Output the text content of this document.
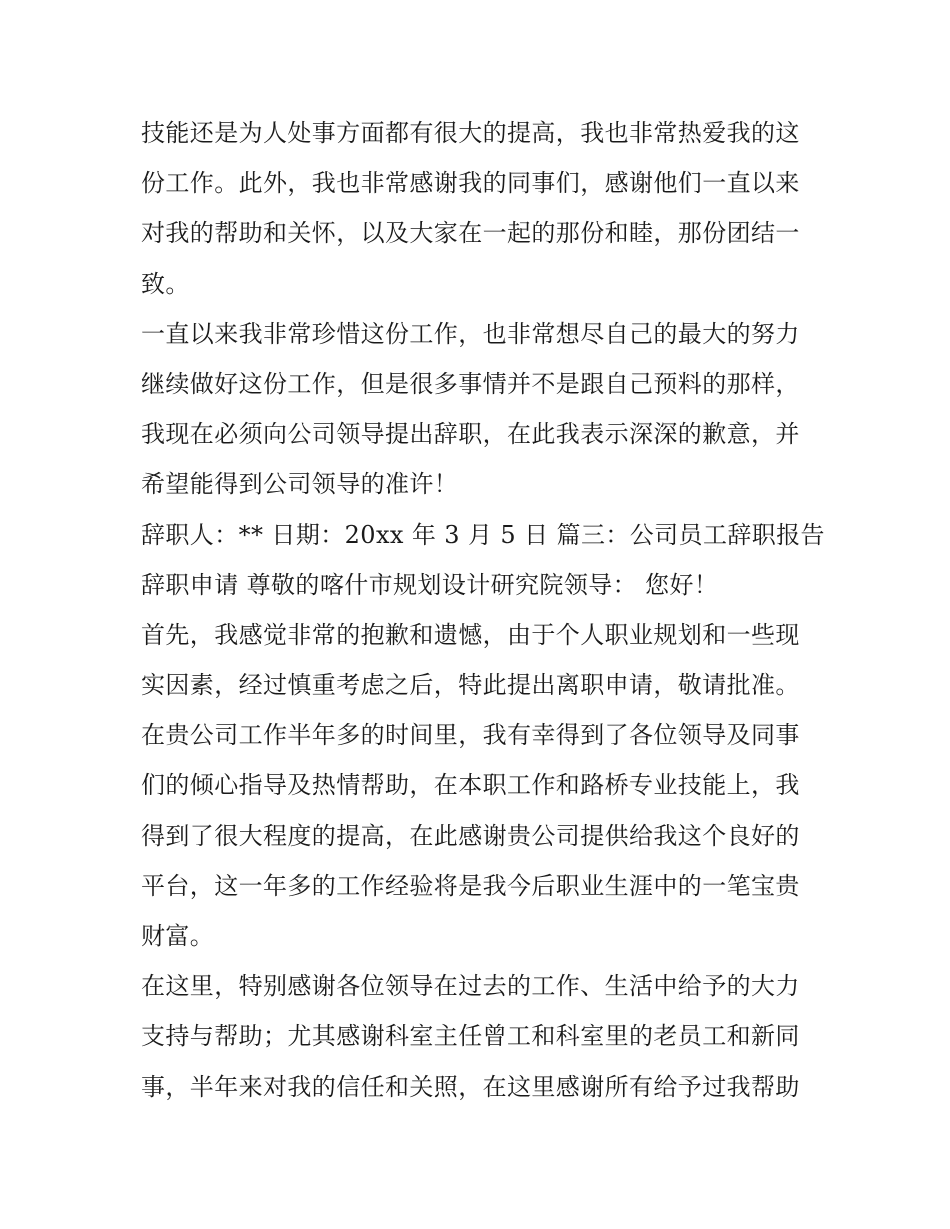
技能还是为人处事方面都有很大的提高，我也非常热爱我的这
份工作。此外，我也非常感谢我的同事们，感谢他们一直以来
对我的帮助和关怀，以及大家在一起的那份和睦，那份团结一
致。
一直以来我非常珍惜这份工作，也非常想尽自己的最大的努力
继续做好这份工作，但是很多事情并不是跟自己预料的那样，
我现在必须向公司领导提出辞职，在此我表示深深的歉意，并
希望能得到公司领导的准许！
辞职人：** 日期：20xx 年 3 月 5 日 篇三：公司员工辞职报告
辞职申请 尊敬的喀什市规划设计研究院领导： 您好！
首先，我感觉非常的抱歉和遗憾，由于个人职业规划和一些现
实因素，经过慎重考虑之后，特此提出离职申请，敬请批准。
在贵公司工作半年多的时间里，我有幸得到了各位领导及同事
们的倾心指导及热情帮助，在本职工作和路桥专业技能上，我
得到了很大程度的提高，在此感谢贵公司提供给我这个良好的
平台，这一年多的工作经验将是我今后职业生涯中的一笔宝贵
财富。
在这里，特别感谢各位领导在过去的工作、生活中给予的大力
支持与帮助；尤其感谢科室主任曾工和科室里的老员工和新同
事，半年来对我的信任和关照，在这里感谢所有给予过我帮助
